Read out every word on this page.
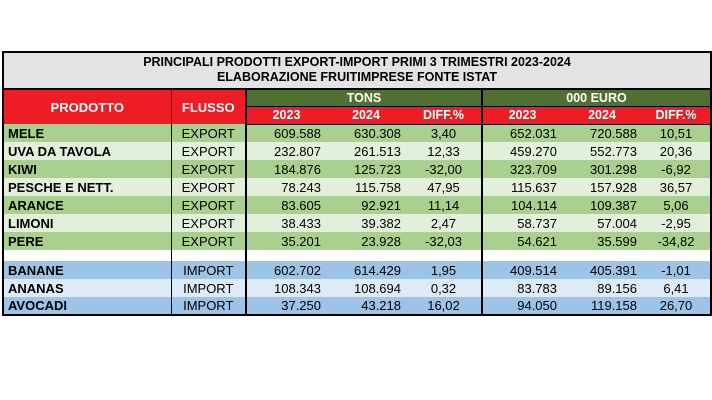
PRINCIPALI PRODOTTI EXPORT-IMPORT PRIMI 3 TRIMESTRI 2023-2024
ELABORAZIONE FRUITIMPRESE FONTE ISTAT							

PRODOTTO	FLUSSO	TONS			000 EURO		
		2023	2024	DIFF.%	2023	2024	DIFF.%
MELE	EXPORT	609.588	630.308	3,40	652.031	720.588	10,51
UVA DA TAVOLA	EXPORT	232.807	261.513	12,33	459.270	552.773	20,36
KIWI	EXPORT	184.876	125.723	-32,00	323.709	301.298	-6,92
PESCHE E NETT.	EXPORT	78.243	115.758	47,95	115.637	157.928	36,57
ARANCE	EXPORT	83.605	92.921	11,14	104.114	109.387	5,06
LIMONI	EXPORT	38.433	39.382	2,47	58.737	57.004	-2,95
PERE	EXPORT	35.201	23.928	-32,03	54.621	35.599	-34,82

BANANE	IMPORT	602.702	614.429	1,95	409.514	405.391	-1,01
ANANAS	IMPORT	108.343	108.694	0,32	83.783	89.156	6,41
AVOCADI	IMPORT	37.250	43.218	16,02	94.050	119.158	26,70
